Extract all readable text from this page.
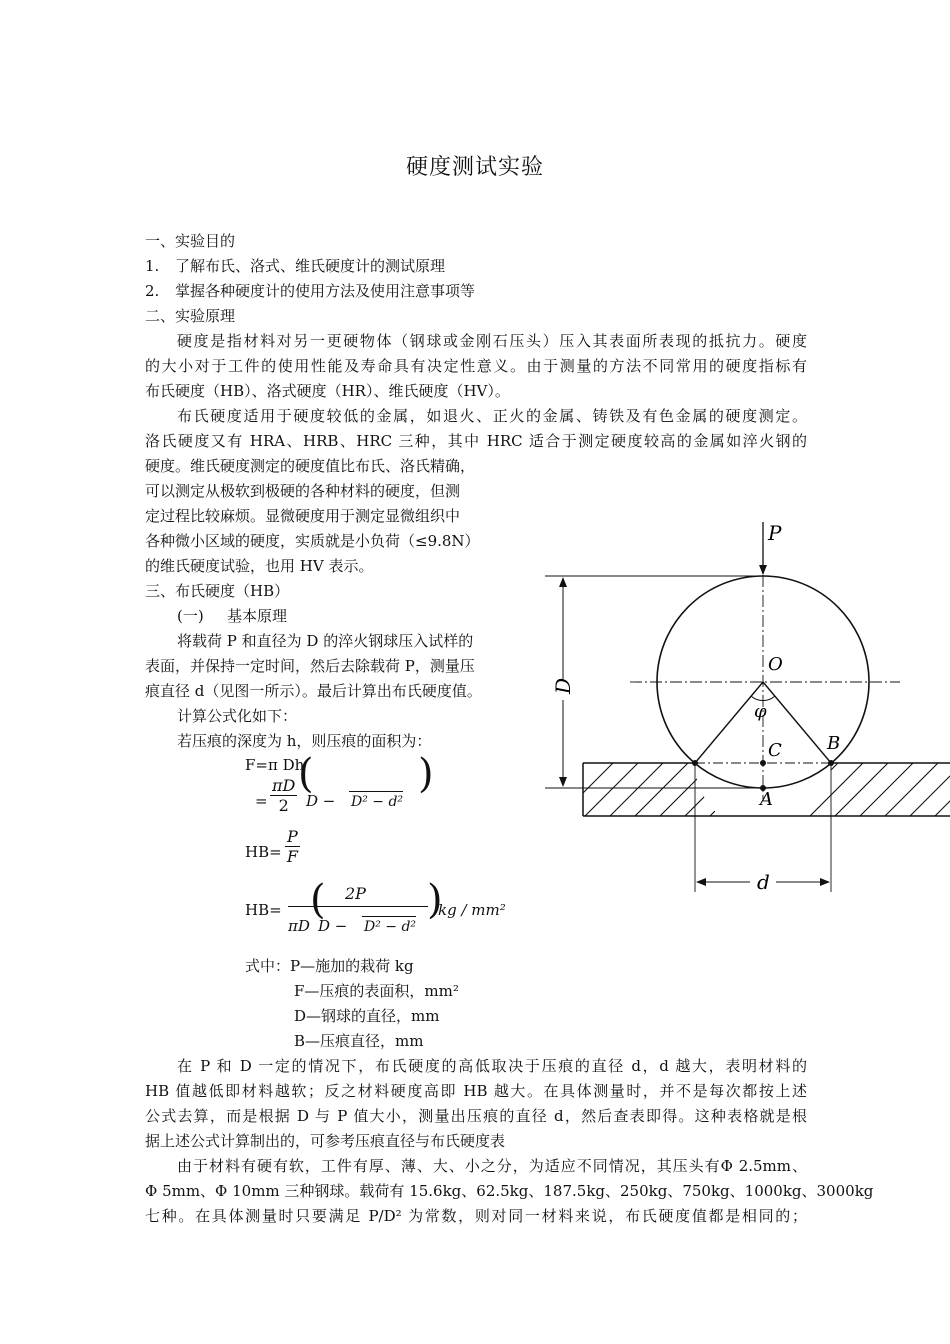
硬度测试实验
一、实验目的
1. 了解布氏、洛式、维氏硬度计的测试原理
2. 掌握各种硬度计的使用方法及使用注意事项等
二、实验原理
硬度是指材料对另一更硬物体（钢球或金刚石压头）压入其表面所表现的抵抗力。硬度
的大小对于工件的使用性能及寿命具有决定性意义。由于测量的方法不同常用的硬度指标有
布氏硬度（HB）、洛式硬度（HR）、维氏硬度（HV）。
布氏硬度适用于硬度较低的金属，如退火、正火的金属、铸铁及有色金属的硬度测定。
洛氏硬度又有 HRA、HRB、HRC 三种，其中 HRC 适合于测定硬度较高的金属如淬火钢的
硬度。维氏硬度测定的硬度值比布氏、洛氏精确，
可以测定从极软到极硬的各种材料的硬度，但测
定过程比较麻烦。显微硬度用于测定显微组织中
各种微小区域的硬度，实质就是小负荷（≤9.8N）
的维氏硬度试验，也用 HV 表示。
三、布氏硬度（HB）
(一) 基本原理
将载荷 P 和直径为 D 的淬火钢球压入试样的
表面，并保持一定时间，然后去除载荷 P，测量压
痕直径 d（见图一所示）。最后计算出布氏硬度值。
计算公式化如下：
若压痕的深度为 h，则压痕的面积为：
F=π Dh
(	)
= $\frac{\pi D}{2}$ D − D² − d²
$HB= \frac{P}{F}$
HB=
2P
(	)
πD D − D² − d²
kg / mm²
式中：P—施加的栽荷 kg
F—压痕的表面积，mm²
D—钢球的直径，mm
B—压痕直径，mm
在 P 和 D 一定的情况下，布氏硬度的高低取决于压痕的直径 d，d 越大，表明材料的
HB 值越低即材料越软；反之材料硬度高即 HB 越大。在具体测量时，并不是每次都按上述
公式去算，而是根据 D 与 P 值大小，测量出压痕的直径 d，然后查表即得。这种表格就是根
据上述公式计算制出的，可参考压痕直径与布氏硬度表
由于材料有硬有软，工件有厚、薄、大、小之分，为适应不同情况，其压头有Φ 2.5mm、
Φ 5mm、Φ 10mm 三种钢球。载荷有 15.6kg、62.5kg、187.5kg、250kg、750kg、1000kg、3000kg
七种。在具体测量时只要满足 P/D² 为常数，则对同一材料来说，布氏硬度值都是相同的；
P
D
O
φ
C	B
A
d
